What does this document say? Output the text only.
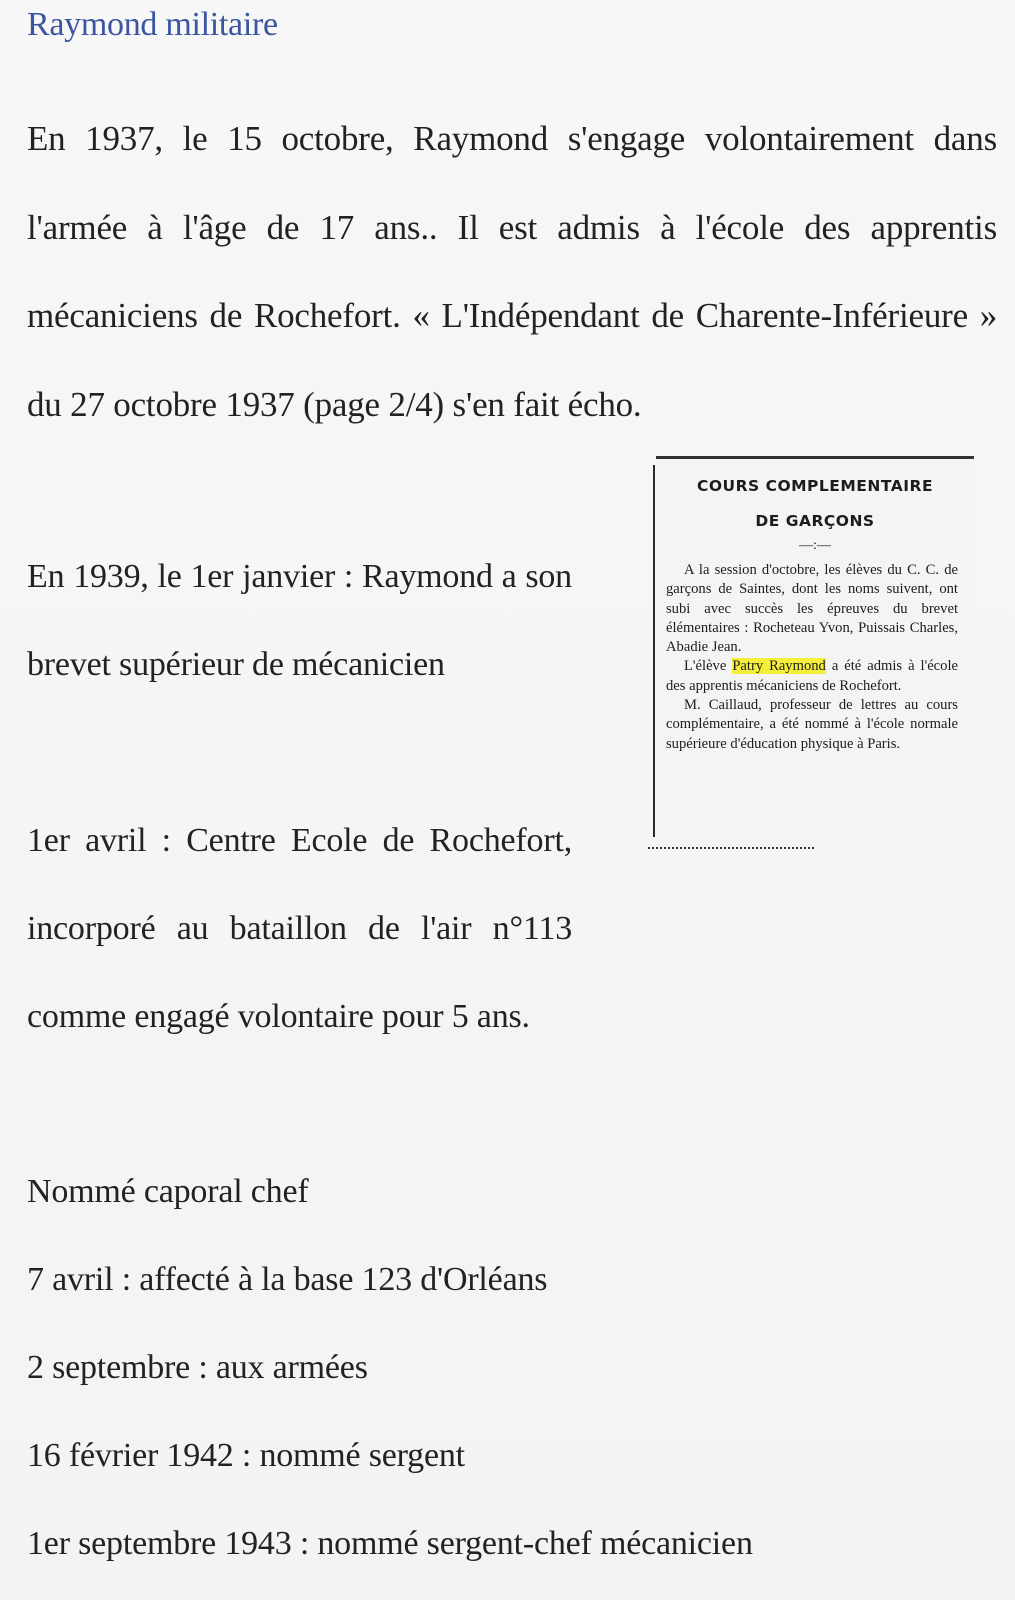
Raymond militaire

En 1937, le 15 octobre, Raymond s'engage volontairement dans l'armée à l'âge de 17 ans.. Il est admis à l'école des apprentis mécaniciens de Rochefort. « L'Indépendant de Charente-Inférieure » du 27 octobre 1937 (page 2/4) s'en fait écho.

En 1939, le 1er janvier : Raymond a son brevet supérieur de mécanicien

1er avril : Centre Ecole de Rochefort, incorporé au bataillon de l'air n°113 comme engagé volontaire pour 5 ans.

Nommé caporal chef

7 avril : affecté à la base 123 d'Orléans

2 septembre : aux armées

16 février 1942 : nommé sergent

1er septembre 1943 : nommé sergent-chef mécanicien

COURS COMPLEMENTAIRE
DE GARÇONS
—:—

A la session d'octobre, les élèves du C. C. de garçons de Saintes, dont les noms suivent, ont subi avec succès les épreuves du brevet élémentaires : Rocheteau Yvon, Puissais Charles, Abadie Jean.

L'élève Patry Raymond a été admis à l'école des apprentis mécaniciens de Rochefort.

M. Caillaud, professeur de lettres au cours complémentaire, a été nommé à l'école normale supérieure d'éducation physique à Paris.
